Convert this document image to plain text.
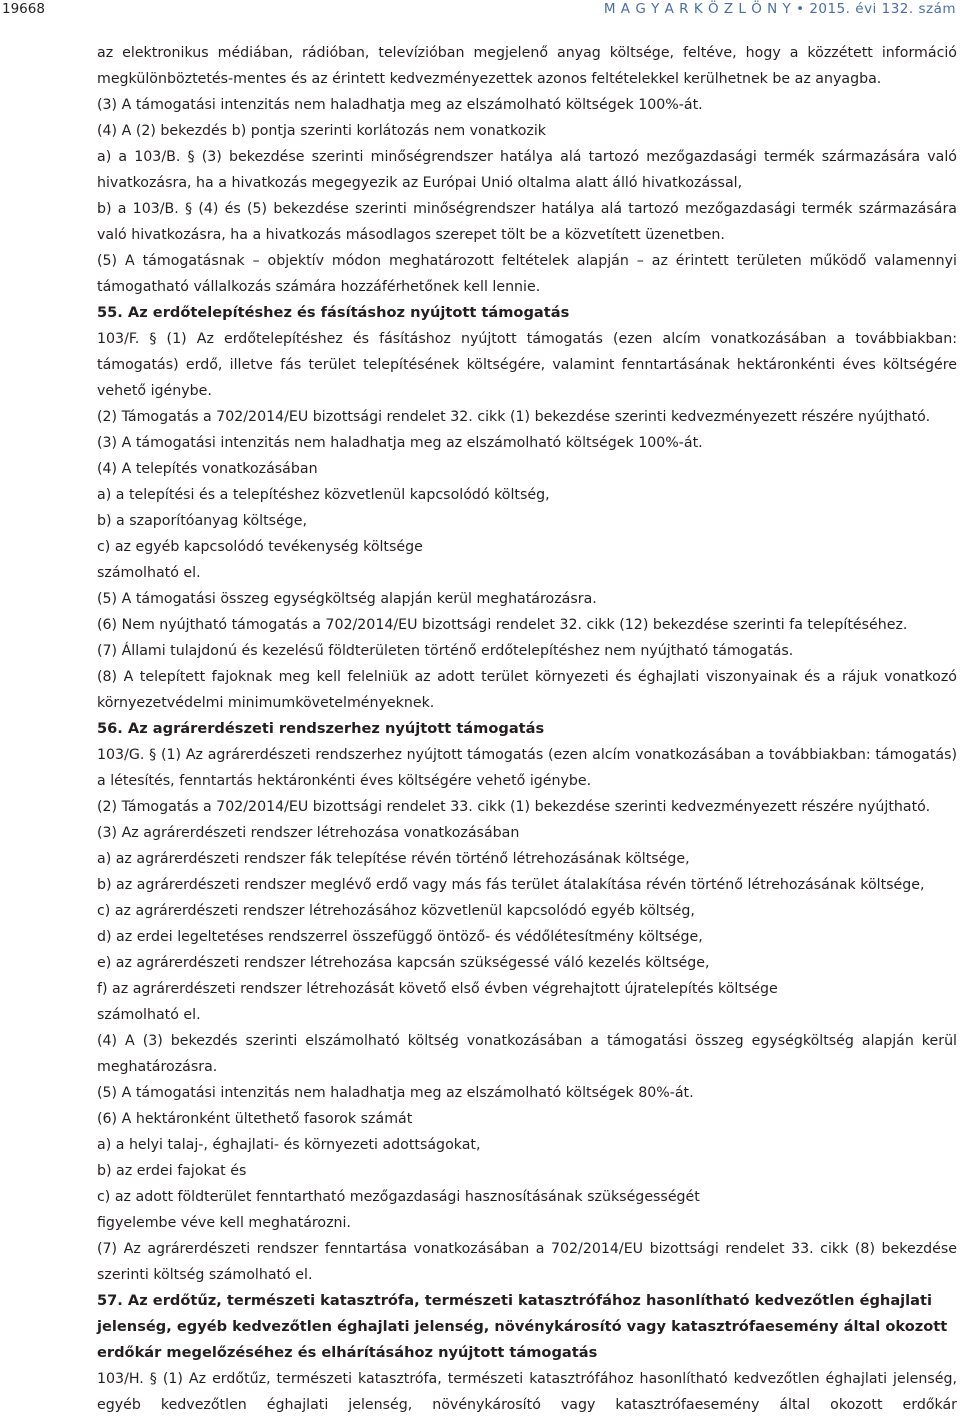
19668	M A G Y A R K Ö Z L Ö N Y • 2015. évi 132. szám
az elektronikus médiában, rádióban, televízióban megjelenő anyag költsége, feltéve, hogy a közzétett információ megkülönböztetés-mentes és az érintett kedvezményezettek azonos feltételekkel kerülhetnek be az anyagba.
(3) A támogatási intenzitás nem haladhatja meg az elszámolható költségek 100%-át.
(4) A (2) bekezdés b) pontja szerinti korlátozás nem vonatkozik
a) a 103/B. § (3) bekezdése szerinti minőségrendszer hatálya alá tartozó mezőgazdasági termék származására való hivatkozásra, ha a hivatkozás megegyezik az Európai Unió oltalma alatt álló hivatkozással,
b) a 103/B. § (4) és (5) bekezdése szerinti minőségrendszer hatálya alá tartozó mezőgazdasági termék származására való hivatkozásra, ha a hivatkozás másodlagos szerepet tölt be a közvetített üzenetben.
(5) A támogatásnak – objektív módon meghatározott feltételek alapján – az érintett területen működő valamennyi támogatható vállalkozás számára hozzáférhetőnek kell lennie.
55. Az erdőtelepítéshez és fásításhoz nyújtott támogatás
103/F. § (1) Az erdőtelepítéshez és fásításhoz nyújtott támogatás (ezen alcím vonatkozásában a továbbiakban: támogatás) erdő, illetve fás terület telepítésének költségére, valamint fenntartásának hektáronkénti éves költségére vehető igénybe.
(2) Támogatás a 702/2014/EU bizottsági rendelet 32. cikk (1) bekezdése szerinti kedvezményezett részére nyújtható.
(3) A támogatási intenzitás nem haladhatja meg az elszámolható költségek 100%-át.
(4) A telepítés vonatkozásában
a) a telepítési és a telepítéshez közvetlenül kapcsolódó költség,
b) a szaporítóanyag költsége,
c) az egyéb kapcsolódó tevékenység költsége
számolható el.
(5) A támogatási összeg egységköltség alapján kerül meghatározásra.
(6) Nem nyújtható támogatás a 702/2014/EU bizottsági rendelet 32. cikk (12) bekezdése szerinti fa telepítéséhez.
(7) Állami tulajdonú és kezelésű földterületen történő erdőtelepítéshez nem nyújtható támogatás.
(8) A telepített fajoknak meg kell felelniük az adott terület környezeti és éghajlati viszonyainak és a rájuk vonatkozó környezetvédelmi minimumkövetelményeknek.
56. Az agrárerdészeti rendszerhez nyújtott támogatás
103/G. § (1) Az agrárerdészeti rendszerhez nyújtott támogatás (ezen alcím vonatkozásában a továbbiakban: támogatás) a létesítés, fenntartás hektáronkénti éves költségére vehető igénybe.
(2) Támogatás a 702/2014/EU bizottsági rendelet 33. cikk (1) bekezdése szerinti kedvezményezett részére nyújtható.
(3) Az agrárerdészeti rendszer létrehozása vonatkozásában
a) az agrárerdészeti rendszer fák telepítése révén történő létrehozásának költsége,
b) az agrárerdészeti rendszer meglévő erdő vagy más fás terület átalakítása révén történő létrehozásának költsége,
c) az agrárerdészeti rendszer létrehozásához közvetlenül kapcsolódó egyéb költség,
d) az erdei legeltetéses rendszerrel összefüggő öntöző- és védőlétesítmény költsége,
e) az agrárerdészeti rendszer létrehozása kapcsán szükségessé váló kezelés költsége,
f) az agrárerdészeti rendszer létrehozását követő első évben végrehajtott újratelepítés költsége
számolható el.
(4) A (3) bekezdés szerinti elszámolható költség vonatkozásában a támogatási összeg egységköltség alapján kerül meghatározásra.
(5) A támogatási intenzitás nem haladhatja meg az elszámolható költségek 80%-át.
(6) A hektáronként ültethető fasorok számát
a) a helyi talaj-, éghajlati- és környezeti adottságokat,
b) az erdei fajokat és
c) az adott földterület fenntartható mezőgazdasági hasznosításának szükségességét
figyelembe véve kell meghatározni.
(7) Az agrárerdészeti rendszer fenntartása vonatkozásában a 702/2014/EU bizottsági rendelet 33. cikk (8) bekezdése szerinti költség számolható el.
57. Az erdőtűz, természeti katasztrófa, természeti katasztrófához hasonlítható kedvezőtlen éghajlati jelenség, egyéb kedvezőtlen éghajlati jelenség, növénykárosító vagy katasztrófaesemény által okozott erdőkár megelőzéséhez és elhárításához nyújtott támogatás
103/H. § (1) Az erdőtűz, természeti katasztrófa, természeti katasztrófához hasonlítható kedvezőtlen éghajlati jelenség, egyéb kedvezőtlen éghajlati jelenség, növénykárosító vagy katasztrófaesemény által okozott erdőkár
